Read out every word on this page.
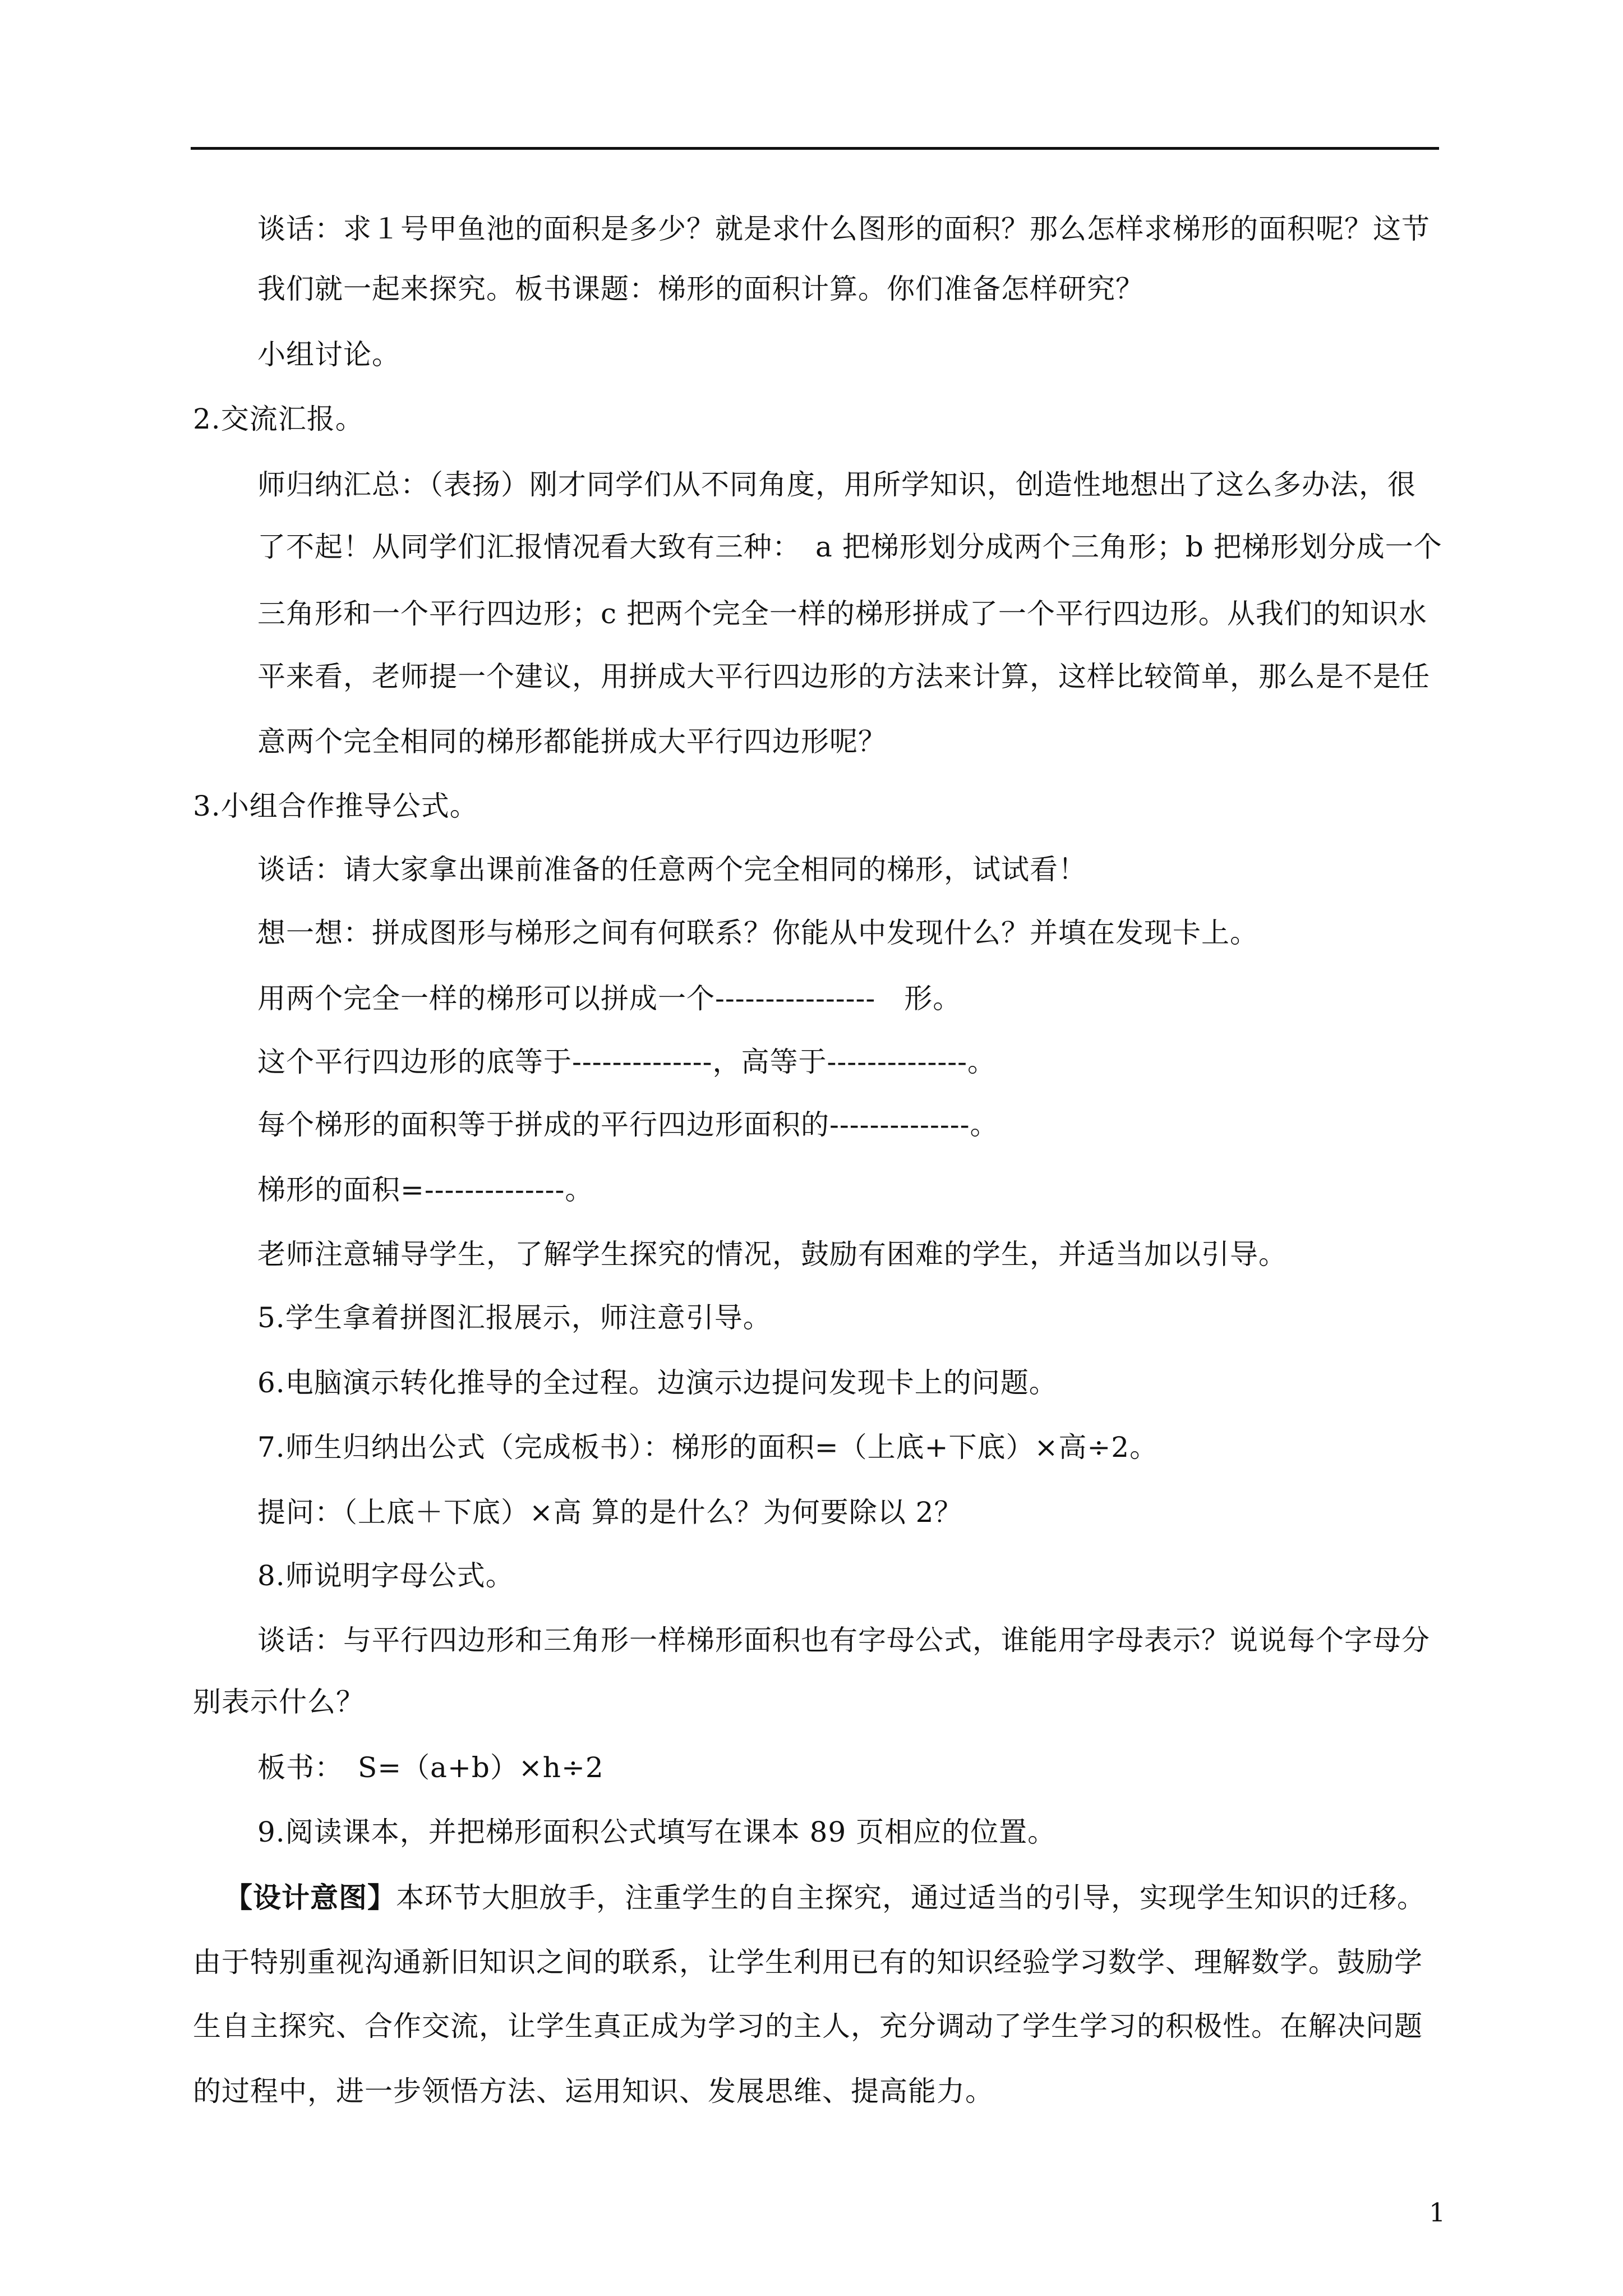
谈话：求１号甲鱼池的面积是多少？就是求什么图形的面积？那么怎样求梯形的面积呢？这节
我们就一起来探究。板书课题：梯形的面积计算。你们准备怎样研究？
小组讨论。
2.交流汇报。
师归纳汇总：（表扬）刚才同学们从不同角度，用所学知识，创造性地想出了这么多办法，很
了不起！从同学们汇报情况看大致有三种：　a 把梯形划分成两个三角形；b 把梯形划分成一个
三角形和一个平行四边形；c 把两个完全一样的梯形拼成了一个平行四边形。从我们的知识水
平来看，老师提一个建议，用拼成大平行四边形的方法来计算，这样比较简单，那么是不是任
意两个完全相同的梯形都能拼成大平行四边形呢？
3.小组合作推导公式。
谈话：请大家拿出课前准备的任意两个完全相同的梯形，试试看！
想一想：拼成图形与梯形之间有何联系？你能从中发现什么？并填在发现卡上。
用两个完全一样的梯形可以拼成一个----------------　形。
这个平行四边形的底等于--------------，高等于--------------。
每个梯形的面积等于拼成的平行四边形面积的--------------。
梯形的面积=--------------。
老师注意辅导学生，了解学生探究的情况，鼓励有困难的学生，并适当加以引导。
5.学生拿着拼图汇报展示，师注意引导。
6.电脑演示转化推导的全过程。边演示边提问发现卡上的问题。
7.师生归纳出公式（完成板书）：梯形的面积=（上底+下底）×高÷2。
提问：（上底＋下底）×高 算的是什么？为何要除以 2？
8.师说明字母公式。
谈话：与平行四边形和三角形一样梯形面积也有字母公式，谁能用字母表示？说说每个字母分
别表示什么？
板书：　S=（a+b）×h÷2
9.阅读课本，并把梯形面积公式填写在课本 89 页相应的位置。
【设计意图】本环节大胆放手，注重学生的自主探究，通过适当的引导，实现学生知识的迁移。
由于特别重视沟通新旧知识之间的联系，让学生利用已有的知识经验学习数学、理解数学。鼓励学
生自主探究、合作交流，让学生真正成为学习的主人，充分调动了学生学习的积极性。在解决问题
的过程中，进一步领悟方法、运用知识、发展思维、提高能力。
1
